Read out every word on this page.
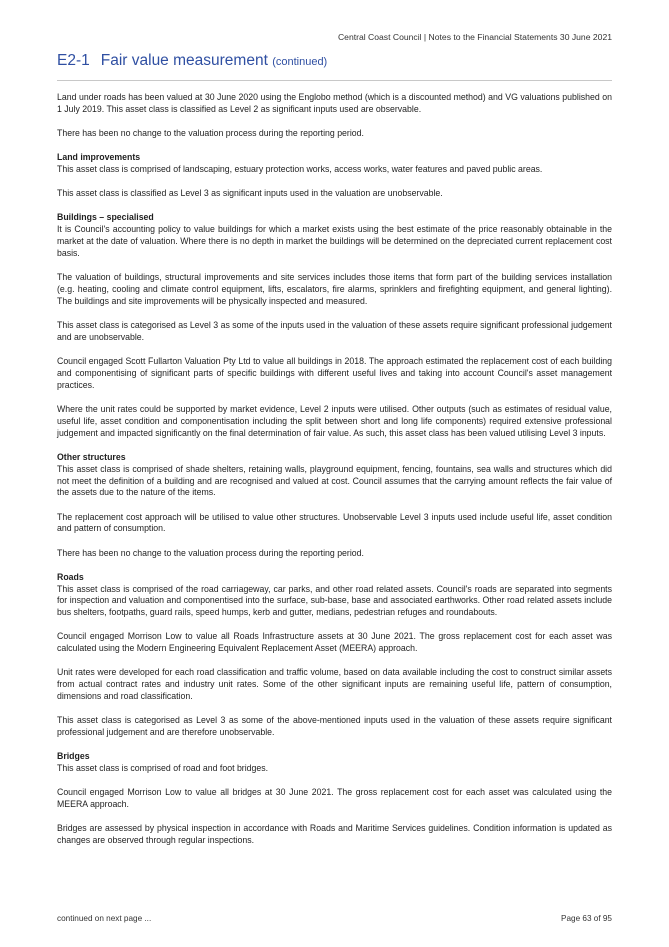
Central Coast Council | Notes to the Financial Statements 30 June 2021
E2-1 Fair value measurement (continued)

Land under roads has been valued at 30 June 2020 using the Englobo method (which is a discounted method) and VG valuations published on 1 July 2019. This asset class is classified as Level 2 as significant inputs used are observable.

There has been no change to the valuation process during the reporting period.

Land improvements

This asset class is comprised of landscaping, estuary protection works, access works, water features and paved public areas.

This asset class is classified as Level 3 as significant inputs used in the valuation are unobservable.

Buildings – specialised

It is Council's accounting policy to value buildings for which a market exists using the best estimate of the price reasonably obtainable in the market at the date of valuation. Where there is no depth in market the buildings will be determined on the depreciated current replacement cost basis.

The valuation of buildings, structural improvements and site services includes those items that form part of the building services installation (e.g. heating, cooling and climate control equipment, lifts, escalators, fire alarms, sprinklers and firefighting equipment, and general lighting). The buildings and site improvements will be physically inspected and measured.

This asset class is categorised as Level 3 as some of the inputs used in the valuation of these assets require significant professional judgement and are unobservable.

Council engaged Scott Fullarton Valuation Pty Ltd to value all buildings in 2018. The approach estimated the replacement cost of each building and componentising of significant parts of specific buildings with different useful lives and taking into account Council's asset management practices.

Where the unit rates could be supported by market evidence, Level 2 inputs were utilised. Other outputs (such as estimates of residual value, useful life, asset condition and componentisation including the split between short and long life components) required extensive professional judgement and impacted significantly on the final determination of fair value. As such, this asset class has been valued utilising Level 3 inputs.

Other structures

This asset class is comprised of shade shelters, retaining walls, playground equipment, fencing, fountains, sea walls and structures which did not meet the definition of a building and are recognised and valued at cost. Council assumes that the carrying amount reflects the fair value of the assets due to the nature of the items.

The replacement cost approach will be utilised to value other structures. Unobservable Level 3 inputs used include useful life, asset condition and pattern of consumption.

There has been no change to the valuation process during the reporting period.

Roads

This asset class is comprised of the road carriageway, car parks, and other road related assets. Council's roads are separated into segments for inspection and valuation and componentised into the surface, sub-base, base and associated earthworks. Other road related assets include bus shelters, footpaths, guard rails, speed humps, kerb and gutter, medians, pedestrian refuges and roundabouts.

Council engaged Morrison Low to value all Roads Infrastructure assets at 30 June 2021. The gross replacement cost for each asset was calculated using the Modern Engineering Equivalent Replacement Asset (MEERA) approach.

Unit rates were developed for each road classification and traffic volume, based on data available including the cost to construct similar assets from actual contract rates and industry unit rates. Some of the other significant inputs are remaining useful life, pattern of consumption, dimensions and road classification.

This asset class is categorised as Level 3 as some of the above-mentioned inputs used in the valuation of these assets require significant professional judgement and are therefore unobservable.

Bridges

This asset class is comprised of road and foot bridges.

Council engaged Morrison Low to value all bridges at 30 June 2021. The gross replacement cost for each asset was calculated using the MEERA approach.

Bridges are assessed by physical inspection in accordance with Roads and Maritime Services guidelines. Condition information is updated as changes are observed through regular inspections.

continued on next page ...	Page 63 of 95
